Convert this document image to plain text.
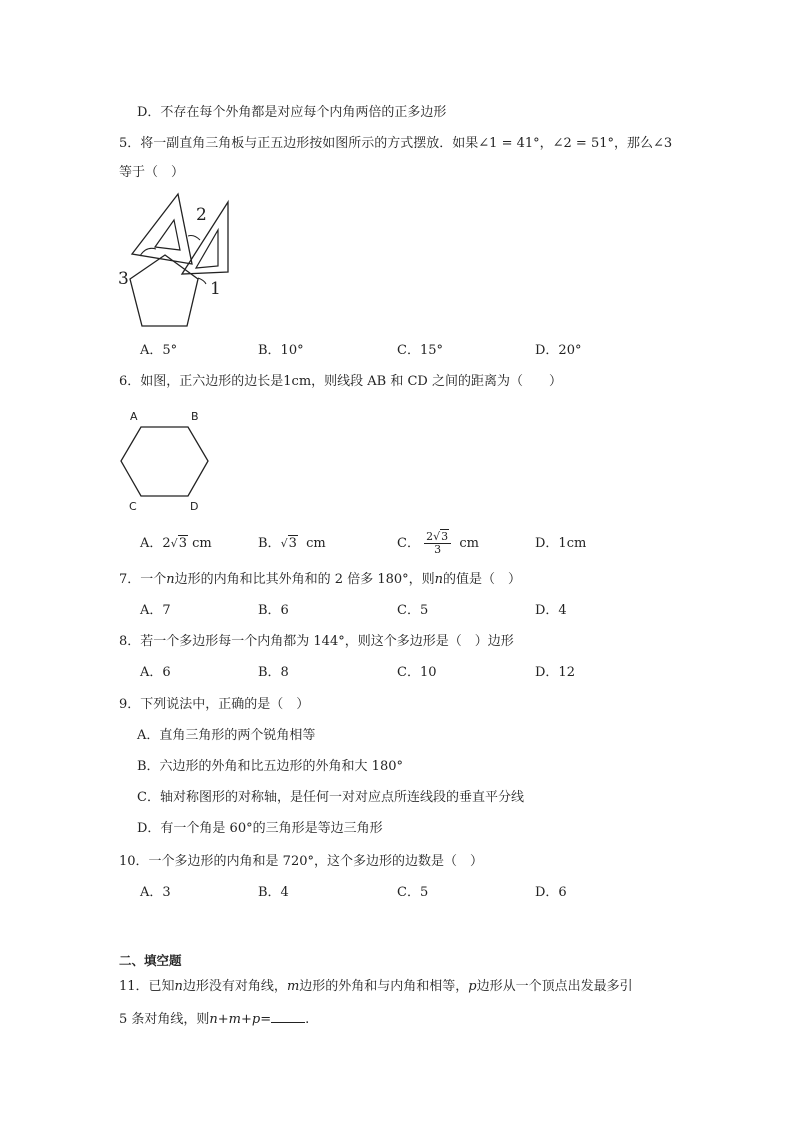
D．不存在每个外角都是对应每个内角两倍的正多边形
5．将一副直角三角板与正五边形按如图所示的方式摆放．如果∠1 = 41°，∠2 = 51°，那么∠3
等于（　）
2
3	1
A．5°	B．10°	C．15°	D．20°
6．如图，正六边形的边长是1cm，则线段 AB 和 CD 之间的距离为（　　）
A	B
C	D
A．2√3 cm	B．√3 cm	C． $\frac{2√3}{3}$ cm	D．1cm
7．一个n边形的内角和比其外角和的 2 倍多 180°，则n的值是（　）
A．7	B．6	C．5	D．4
8．若一个多边形每一个内角都为 144°，则这个多边形是（　）边形
A．6	B．8	C．10	D．12
9．下列说法中，正确的是（　）
A．直角三角形的两个锐角相等
B．六边形的外角和比五边形的外角和大 180°
C．轴对称图形的对称轴，是任何一对对应点所连线段的垂直平分线
D．有一个角是 60°的三角形是等边三角形
10．一个多边形的内角和是 720°，这个多边形的边数是（　）
A．3	B．4	C．5	D．6
二、填空题
11．已知n边形没有对角线，m边形的外角和与内角和相等，p边形从一个顶点出发最多引
5 条对角线，则n+m+p=	.
